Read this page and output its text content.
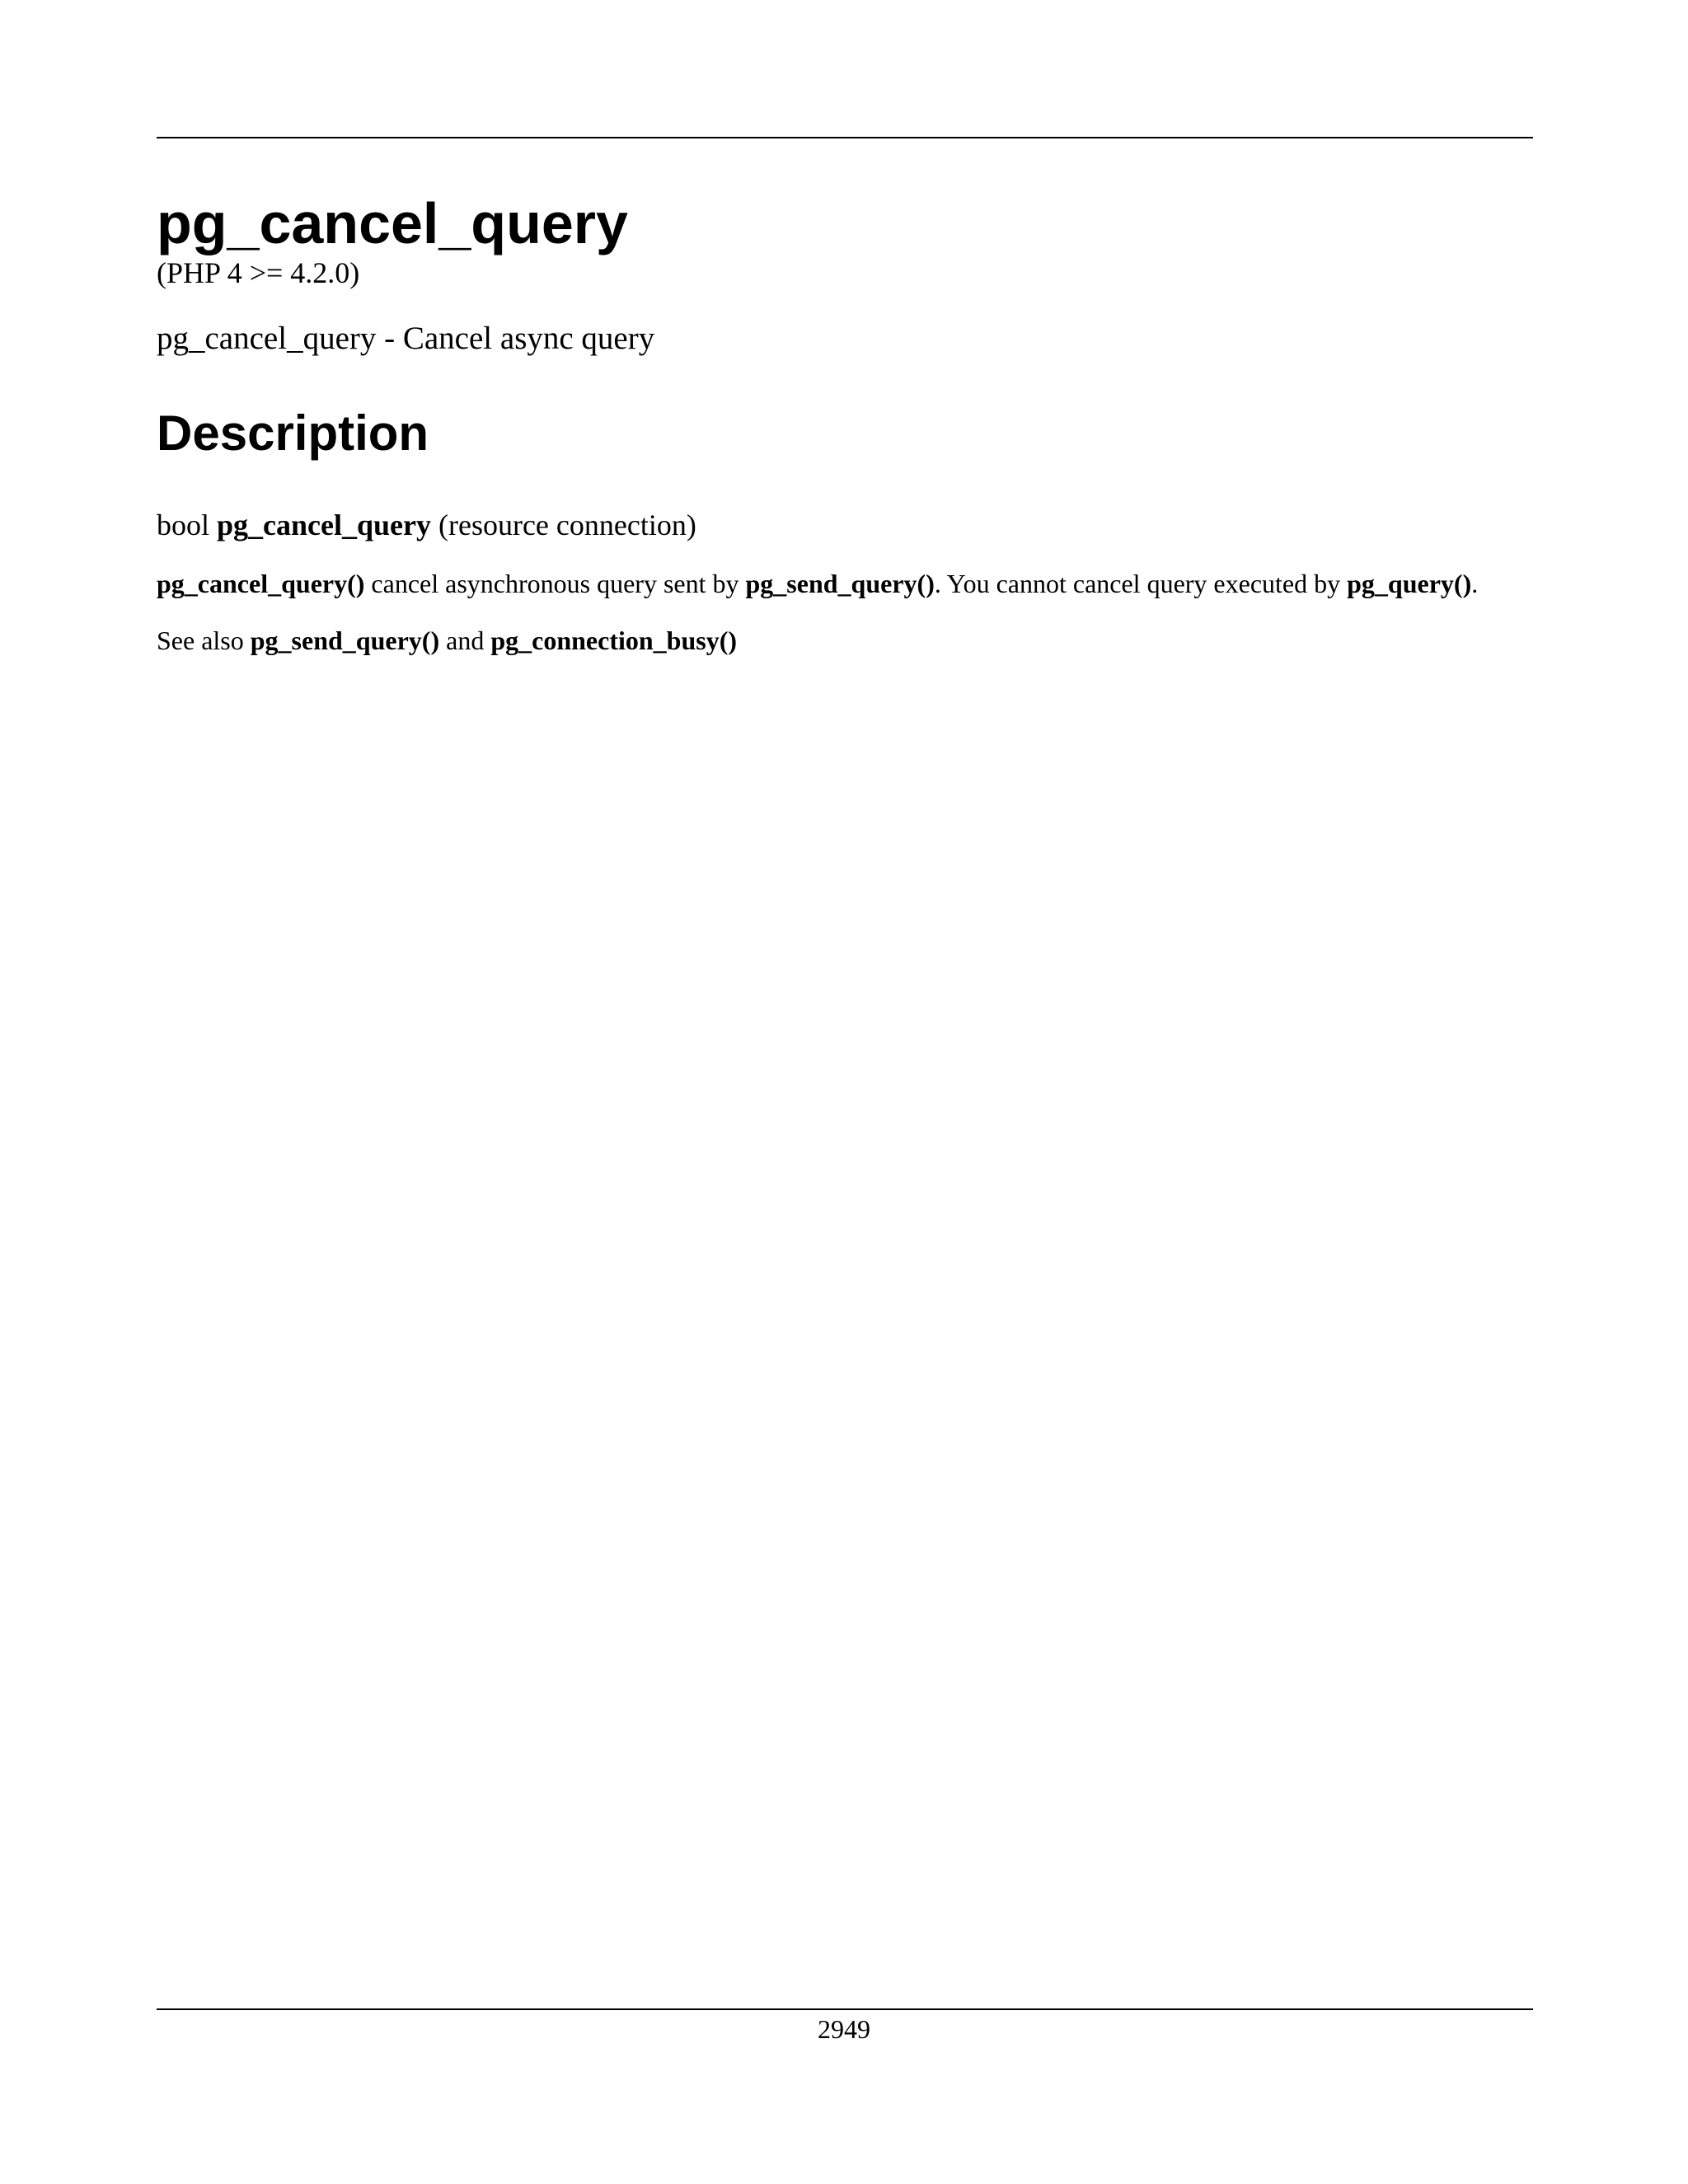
pg_cancel_query
(PHP 4 >= 4.2.0)
pg_cancel_query - Cancel async query
Description
bool pg_cancel_query (resource connection)

pg_cancel_query() cancel asynchronous query sent by pg_send_query(). You cannot cancel query executed by pg_query().

See also pg_send_query() and pg_connection_busy()

2949
